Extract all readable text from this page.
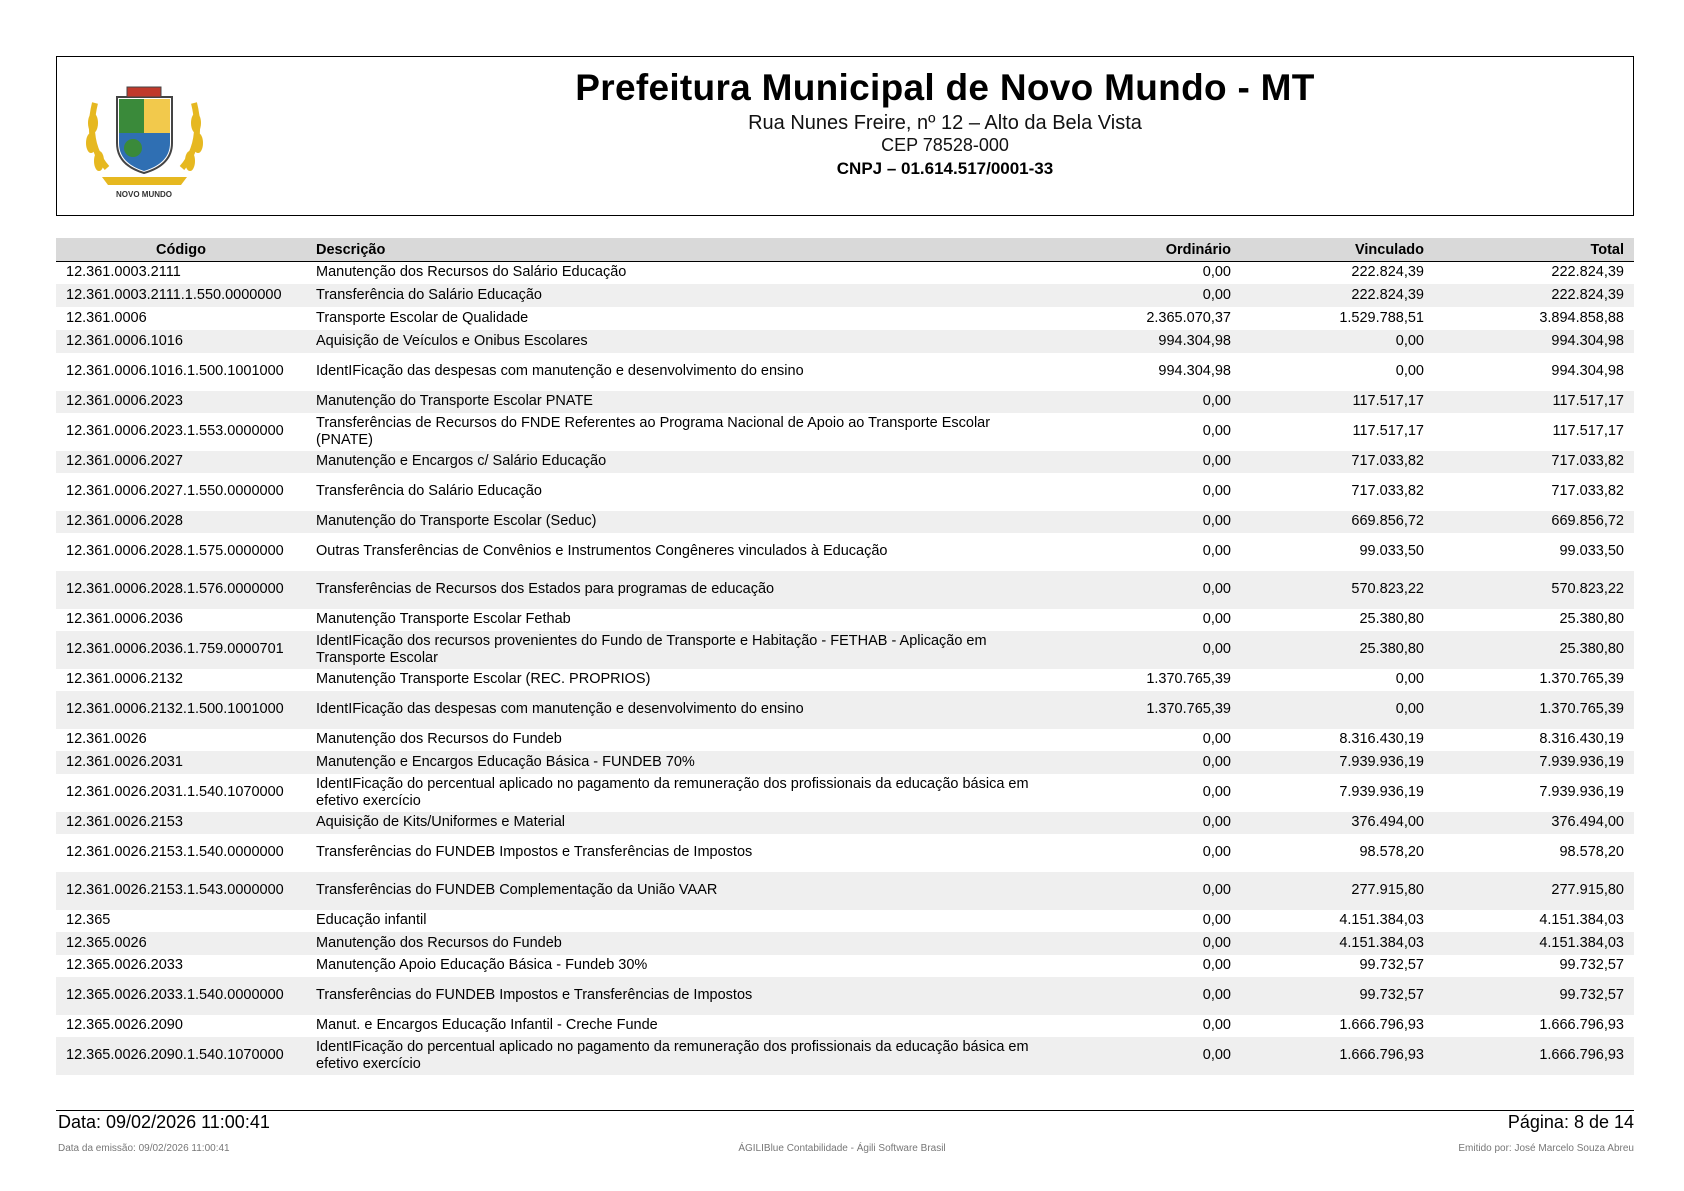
NOVO MUNDO
Prefeitura Municipal de Novo Mundo - MT
Rua Nunes Freire, nº 12 – Alto da Bela Vista
CEP 78528-000
CNPJ – 01.614.517/0001-33
Código	Descrição	Ordinário	Vinculado	Total
12.361.0003.2111	Manutenção dos Recursos do Salário Educação	0,00	222.824,39	222.824,39
12.361.0003.2111.1.550.0000000	Transferência do Salário Educação	0,00	222.824,39	222.824,39
12.361.0006	Transporte Escolar de Qualidade	2.365.070,37	1.529.788,51	3.894.858,88
12.361.0006.1016	Aquisição de Veículos e Onibus Escolares	994.304,98	0,00	994.304,98
12.361.0006.1016.1.500.1001000	IdentIFicação das despesas com manutenção e desenvolvimento do ensino	994.304,98	0,00	994.304,98
12.361.0006.2023	Manutenção do Transporte Escolar PNATE	0,00	117.517,17	117.517,17
12.361.0006.2023.1.553.0000000	Transferências de Recursos do FNDE Referentes ao Programa Nacional de Apoio ao Transporte Escolar (PNATE)	0,00	117.517,17	117.517,17
12.361.0006.2027	Manutenção e Encargos c/ Salário Educação	0,00	717.033,82	717.033,82
12.361.0006.2027.1.550.0000000	Transferência do Salário Educação	0,00	717.033,82	717.033,82
12.361.0006.2028	Manutenção do Transporte Escolar (Seduc)	0,00	669.856,72	669.856,72
12.361.0006.2028.1.575.0000000	Outras Transferências de Convênios e Instrumentos Congêneres vinculados à Educação	0,00	99.033,50	99.033,50
12.361.0006.2028.1.576.0000000	Transferências de Recursos dos Estados para programas de educação	0,00	570.823,22	570.823,22
12.361.0006.2036	Manutenção Transporte Escolar Fethab	0,00	25.380,80	25.380,80
12.361.0006.2036.1.759.0000701	IdentIFicação dos recursos provenientes do Fundo de Transporte e Habitação - FETHAB - Aplicação em Transporte Escolar	0,00	25.380,80	25.380,80
12.361.0006.2132	Manutenção Transporte Escolar (REC. PROPRIOS)	1.370.765,39	0,00	1.370.765,39
12.361.0006.2132.1.500.1001000	IdentIFicação das despesas com manutenção e desenvolvimento do ensino	1.370.765,39	0,00	1.370.765,39
12.361.0026	Manutenção dos Recursos do Fundeb	0,00	8.316.430,19	8.316.430,19
12.361.0026.2031	Manutenção e Encargos Educação Básica - FUNDEB 70%	0,00	7.939.936,19	7.939.936,19
12.361.0026.2031.1.540.1070000	IdentIFicação do percentual aplicado no pagamento da remuneração dos profissionais da educação básica em efetivo exercício	0,00	7.939.936,19	7.939.936,19
12.361.0026.2153	Aquisição de Kits/Uniformes e Material	0,00	376.494,00	376.494,00
12.361.0026.2153.1.540.0000000	Transferências do FUNDEB Impostos e Transferências de Impostos	0,00	98.578,20	98.578,20
12.361.0026.2153.1.543.0000000	Transferências do FUNDEB Complementação da União VAAR	0,00	277.915,80	277.915,80
12.365	Educação infantil	0,00	4.151.384,03	4.151.384,03
12.365.0026	Manutenção dos Recursos do Fundeb	0,00	4.151.384,03	4.151.384,03
12.365.0026.2033	Manutenção Apoio Educação Básica - Fundeb 30%	0,00	99.732,57	99.732,57
12.365.0026.2033.1.540.0000000	Transferências do FUNDEB Impostos e Transferências de Impostos	0,00	99.732,57	99.732,57
12.365.0026.2090	Manut. e Encargos Educação Infantil - Creche Funde	0,00	1.666.796,93	1.666.796,93
12.365.0026.2090.1.540.1070000	IdentIFicação do percentual aplicado no pagamento da remuneração dos profissionais da educação básica em efetivo exercício	0,00	1.666.796,93	1.666.796,93
Data: 09/02/2026 11:00:41	Página: 8 de 14
Data da emissão: 09/02/2026 11:00:41	ÁGILIBlue Contabilidade - Ágili Software Brasil	Emitido por: José Marcelo Souza Abreu
